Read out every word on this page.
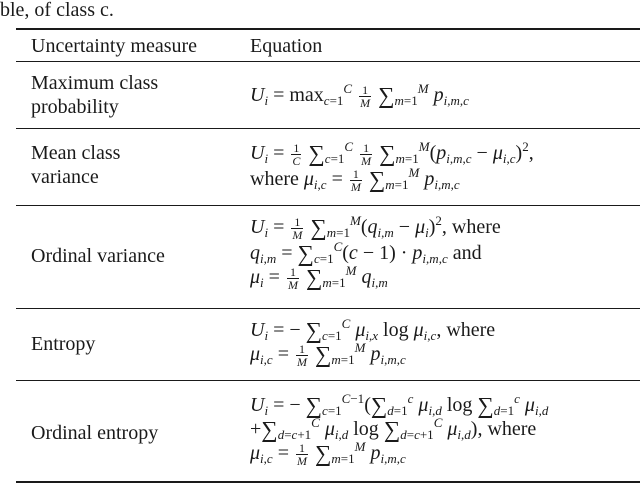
ble, of class c.
Uncertainty measure	Equation
Maximum class
probability
$U_i = \max_{c=1}^C \frac{1}{M} \sum_{m=1}^M$ $p_{i,m,c}$
Mean class
variance
$U_i = \frac{1}{C} \sum_{c=1}^C \frac{1}{M} \sum_{m=1}^M(p_{i,m,c} - \mu_{i,c})^2$,
where $\mu_{i,c} = \frac{1}{M} \sum_{m=1}^M$ $p_{i,m,c}$
Ordinal variance
$U_i = \frac{1}{M} \sum_{m=1}^M(q_{i,m} - \mu_i)^2$, where
$q_{i,m} = \sum_{c=1}^C(c - 1) \cdot p_{i,m,c}$ and
$\mu_i = \frac{1}{M} \sum_{m=1}^M$ $q_{i,m}$
Entropy
$U_i$ = − $\sum_{c=1}^C$ $\mu_{i,x}$ $\log \mu_{i,c}$, where
$\mu_{i,c} = \frac{1}{M} \sum_{m=1}^M$ $p_{i,m,c}$
Ordinal entropy
$U_i$ = − $\sum_{c=1}^{C-1}(\sum_{d=1}^c$ $\mu_{i,d}$ $\log \sum_{d=1}^c$ $\mu_{i,d}$
$+\sum_{d=c+1}^C$ $\mu_{i,d}$ $\log \sum_{d=c+1}^C$ $\mu_{i,d}$), where
$\mu_{i,c} = \frac{1}{M} \sum_{m=1}^M$ $p_{i,m,c}$
